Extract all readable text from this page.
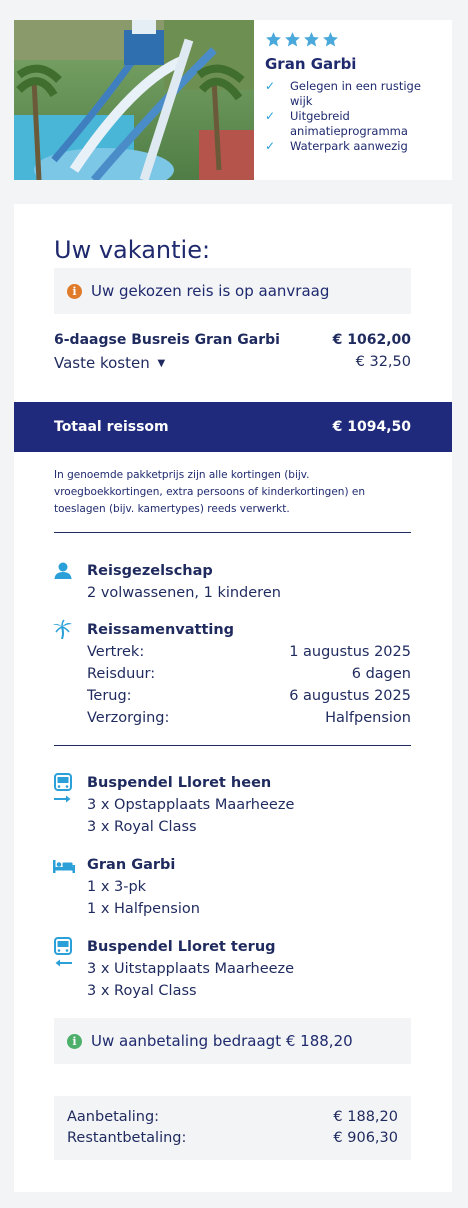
Gran Garbi
✓	Gelegen in een rustige wijk
✓	Uitgebreid animatieprogramma
✓	Waterpark aanwezig
Uw vakantie:
i Uw gekozen reis is op aanvraag
6-daagse Busreis Gran Garbi	€ 1062,00
Vaste kosten ▼	€ 32,50
Totaal reissom	€ 1094,50
In genoemde pakketprijs zijn alle kortingen (bijv. vroegboekkortingen, extra persoons of kinderkortingen) en toeslagen (bijv. kamertypes) reeds verwerkt.
Reisgezelschap
2 volwassenen, 1 kinderen
Reissamenvatting
Vertrek:	1 augustus 2025
Reisduur:	6 dagen
Terug:	6 augustus 2025
Verzorging:	Halfpension
Buspendel Lloret heen
3 x Opstapplaats Maarheeze
3 x Royal Class
Gran Garbi
1 x 3-pk
1 x Halfpension
Buspendel Lloret terug
3 x Uitstapplaats Maarheeze
3 x Royal Class
i Uw aanbetaling bedraagt € 188,20
Aanbetaling:	€ 188,20
Restantbetaling:	€ 906,30
